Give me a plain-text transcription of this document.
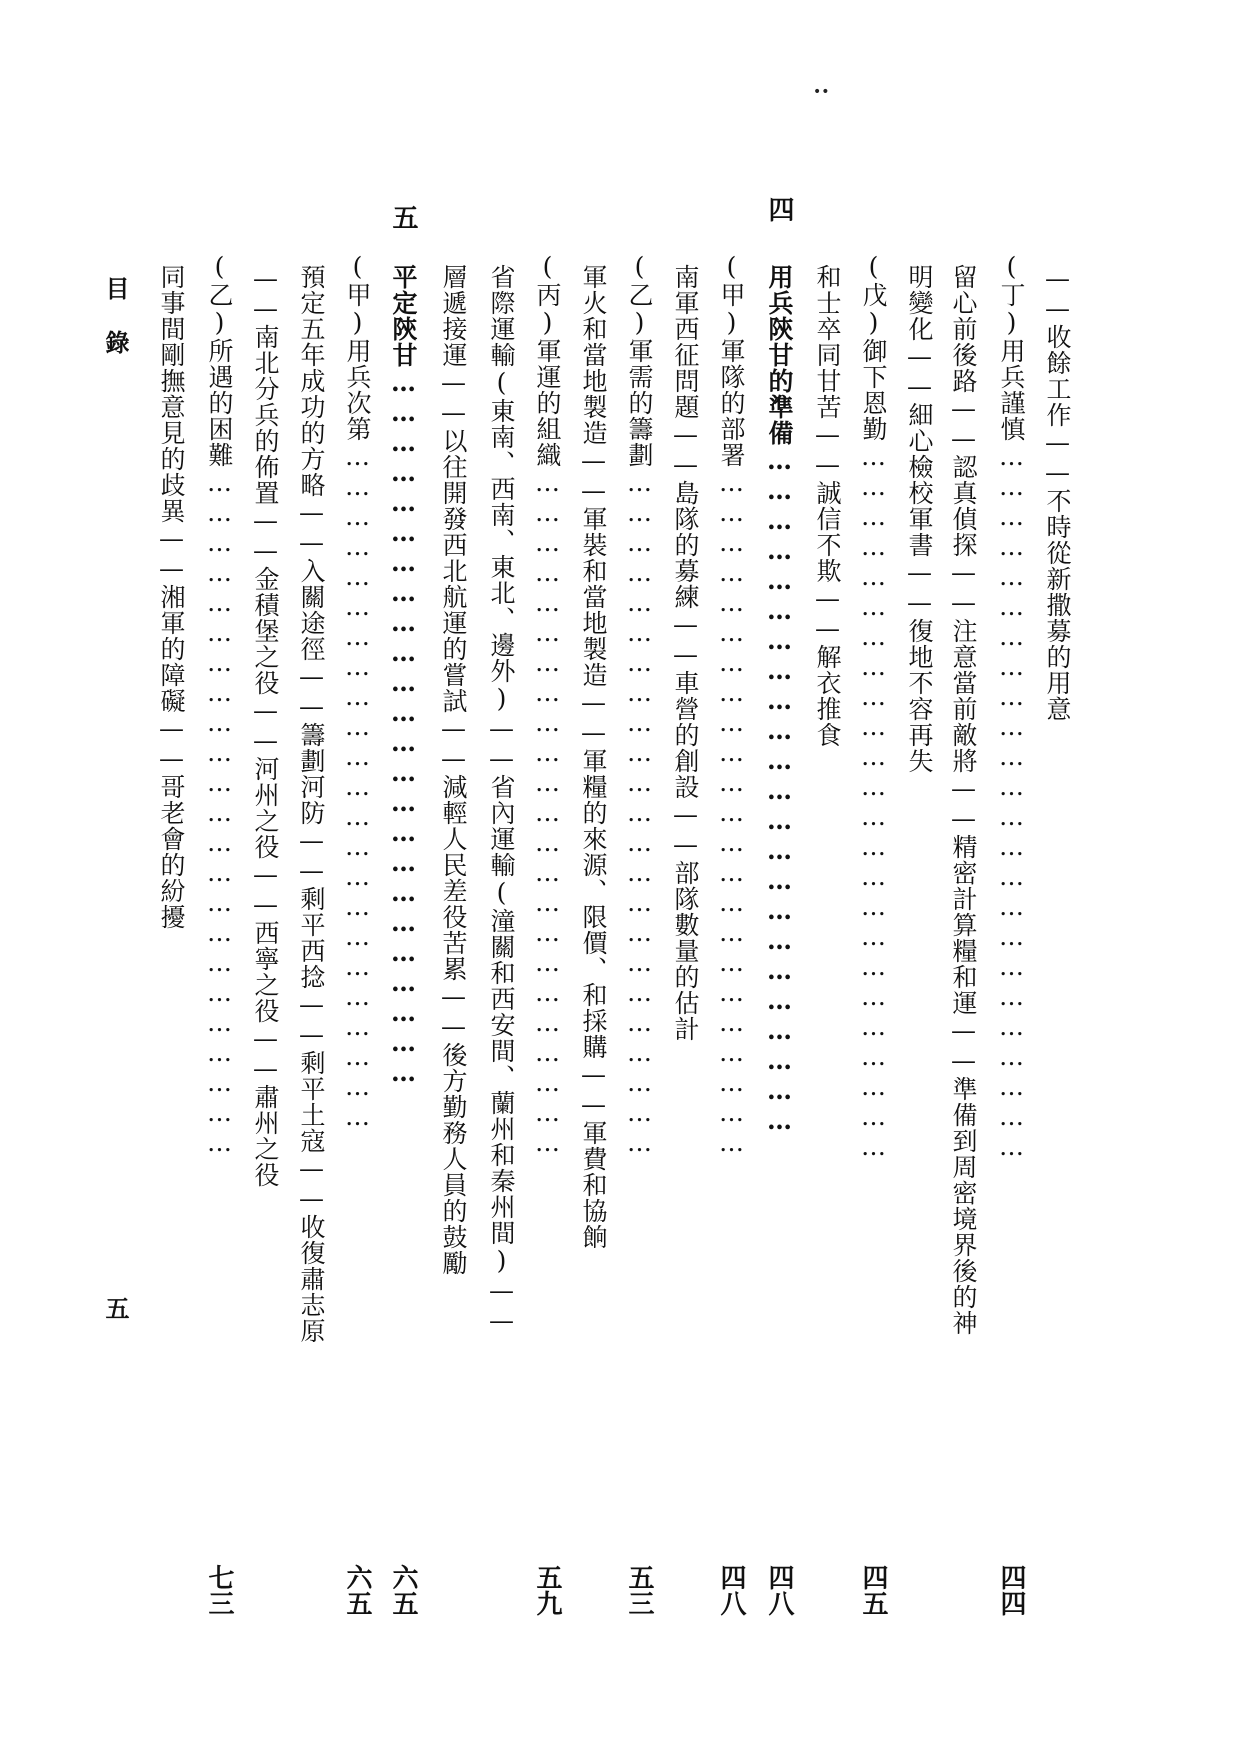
••
四
五
——收餘工作——不時從新撒募的用意
(丁)用兵謹慎………………………………………………………………
四四
留心前後路——認真偵探——注意當前敵將——精密計算糧和運——準備到周密境界後的神
明變化——細心檢校軍書——復地不容再失
(戊)御下恩勤………………………………………………………………
四五
和士卒同甘苦——誠信不欺——解衣推食
用兵陝甘的準備……………………………………………………………
四八
(甲)軍隊的部署……………………………………………………………
四八
南軍西征問題——島隊的募練——車營的創設——部隊數量的估計
(乙)軍需的籌劃……………………………………………………………
五三
軍火和當地製造——軍裝和當地製造——軍糧的來源、限價、和採購——軍費和協餉
(丙)軍運的組織……………………………………………………………
五九
省際運輸(東南、西南、東北、邊外)——省內運輸(潼關和西安間、蘭州和秦州間)——
層遞接運——以往開發西北航運的嘗試——減輕人民差役苦累——後方勤務人員的鼓勵
平定陝甘………………………………………………………………
六五
(甲)用兵次第……………………………………………………………
六五
預定五年成功的方略——入關途徑——籌劃河防——剩平西捻——剩平土寇——收復肅志原
——南北分兵的佈置——金積堡之役——河州之役——西寧之役——肅州之役
(乙)所遇的困難……………………………………………………………
七三
同事間剛撫意見的歧異——湘軍的障礙——哥老會的紛擾
目錄
五
